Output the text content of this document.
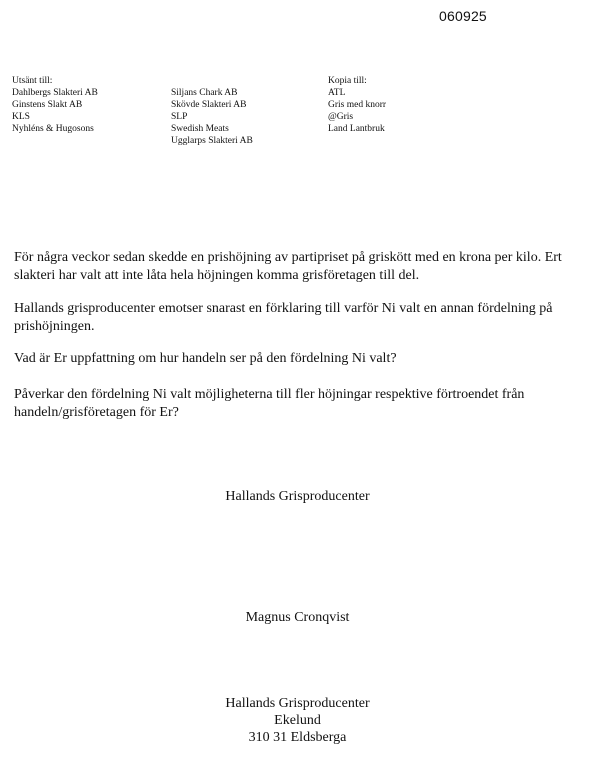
060925
Utsänt till:
Dahlbergs Slakteri AB
Ginstens Slakt AB
KLS
Nyhléns & Hugosons
Siljans Chark AB
Skövde Slakteri AB
SLP
Swedish Meats
Ugglarps Slakteri AB
Kopia till:
ATL
Gris med knorr
@Gris
Land Lantbruk
För några veckor sedan skedde en prishöjning av partipriset på griskött med en krona per kilo. Ert slakteri har valt att inte låta hela höjningen komma grisföretagen till del.
Hallands grisproducenter emotser snarast en förklaring till varför Ni valt en annan fördelning på prishöjningen.
Vad är Er uppfattning om hur handeln ser på den fördelning Ni valt?
Påverkar den fördelning Ni valt möjligheterna till fler höjningar respektive förtroendet från handeln/grisföretagen för Er?
Hallands Grisproducenter
Magnus Cronqvist
Hallands Grisproducenter
Ekelund
310 31 Eldsberga
